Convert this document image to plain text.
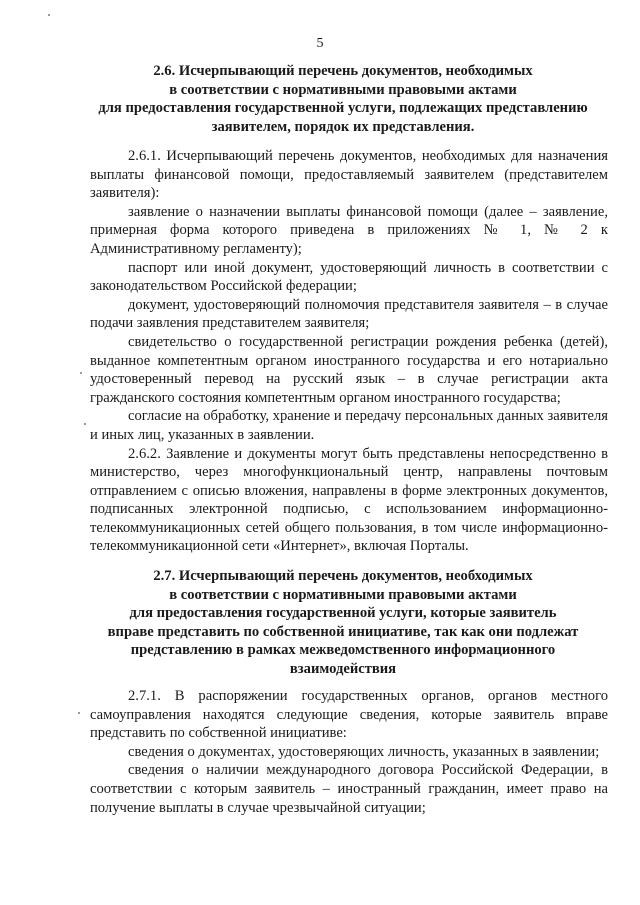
5
2.6. Исчерпывающий перечень документов, необходимых
в соответствии с нормативными правовыми актами
для предоставления государственной услуги, подлежащих представлению
заявителем, порядок их представления.

2.6.1. Исчерпывающий перечень документов, необходимых для назначения выплаты финансовой помощи, предоставляемый заявителем (представителем заявителя):

заявление о назначении выплаты финансовой помощи (далее – заявление, примерная форма которого приведена в приложениях № 1, № 2 к Административному регламенту);

паспорт или иной документ, удостоверяющий личность в соответствии с законодательством Российской федерации;

документ, удостоверяющий полномочия представителя заявителя – в случае подачи заявления представителем заявителя;

свидетельство о государственной регистрации рождения ребенка (детей), выданное компетентным органом иностранного государства и его нотариально удостоверенный перевод на русский язык – в случае регистрации акта гражданского состояния компетентным органом иностранного государства;

согласие на обработку, хранение и передачу персональных данных заявителя и иных лиц, указанных в заявлении.

2.6.2. Заявление и документы могут быть представлены непосредственно в министерство, через многофункциональный центр, направлены почтовым отправлением с описью вложения, направлены в форме электронных документов, подписанных электронной подписью, с использованием информационно-телекоммуникационных сетей общего пользования, в том числе информационно-телекоммуникационной сети «Интернет», включая Порталы.

2.7. Исчерпывающий перечень документов, необходимых
в соответствии с нормативными правовыми актами
для предоставления государственной услуги, которые заявитель
вправе представить по собственной инициативе, так как они подлежат
представлению в рамках межведомственного информационного
взаимодействия

2.7.1. В распоряжении государственных органов, органов местного самоуправления находятся следующие сведения, которые заявитель вправе представить по собственной инициативе:

сведения о документах, удостоверяющих личность, указанных в заявлении;

сведения о наличии международного договора Российской Федерации, в соответствии с которым заявитель – иностранный гражданин, имеет право на получение выплаты в случае чрезвычайной ситуации;
